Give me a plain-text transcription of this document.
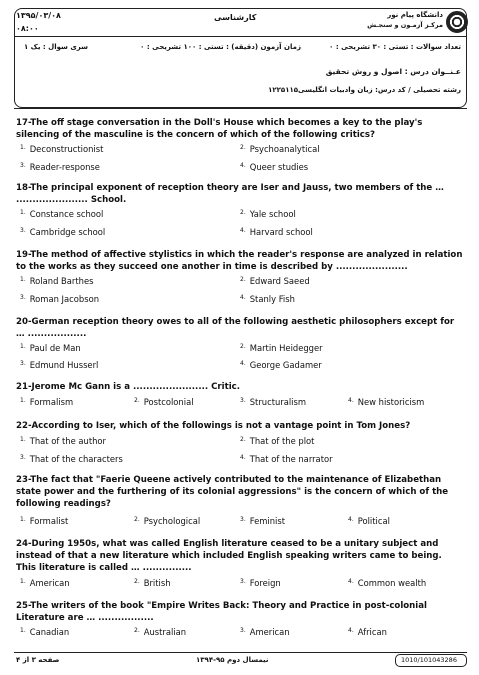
دانشگاه پیام نور
مرکـز آزمـون و سنجـش
کارشناسی
۱۳۹۵/۰۳/۰۸
۰۸:۰۰
تعداد سوالات : تستی : ۳۰ تشریحی : ۰
زمان آزمون (دقیقه) : تستی : ۱۰۰ تشریحی : ۰
سری سوال : یک ۱
عـنــوان درس : اصول و روش تحقیق
رشته تحصیلی / کد درس: زبان وادبیات انگلیسی۱۲۲۵۱۱۵
17-The off stage conversation in the Doll's House which becomes a key to the play's silencing of the masculine is the concern of which of the following critics?
$^{1.}$ Deconstructionist	$^{2.}$ Psychoanalytical
$^{3.}$ Reader-response	$^{4.}$ Queer studies
18-The principal exponent of reception theory are Iser and Jauss, two members of the … ...................... School.
$^{1.}$ Constance school	$^{2.}$ Yale school
$^{3.}$ Cambridge school	$^{4.}$ Harvard school
19-The method of affective stylistics in which the reader's response are analyzed in relation to the works as they succeed one another in time is described by ......................
$^{1.}$ Roland Barthes	$^{2.}$ Edward Saeed
$^{3.}$ Roman Jacobson	$^{4.}$ Stanly Fish
20-German reception theory owes to all of the following aesthetic philosophers except for … ..................
$^{1.}$ Paul de Man	$^{2.}$ Martin Heidegger
$^{3.}$ Edmund Husserl	$^{4.}$ George Gadamer
21-Jerome Mc Gann is a ....................... Critic.
$^{1.}$ Formalism	$^{2.}$ Postcolonial	$^{3.}$ Structuralism	$^{4.}$ New historicism
22-According to Iser, which of the followings is not a vantage point in Tom Jones?
$^{1.}$ That of the author	$^{2.}$ That of the plot
$^{3.}$ That of the characters	$^{4.}$ That of the narrator
23-The fact that "Faerie Queene actively contributed to the maintenance of Elizabethan state power and the furthering of its colonial aggressions" is the concern of which of the following readings?
$^{1.}$ Formalist	$^{2.}$ Psychological	$^{3.}$ Feminist	$^{4.}$ Political
24-During 1950s, what was called English literature ceased to be a unitary subject and instead of that a new literature which included English speaking writers came to being. This literature is called … ...............
$^{1.}$ American	$^{2.}$ British	$^{3.}$ Foreign	$^{4.}$ Common wealth
25-The writers of the book "Empire Writes Back: Theory and Practice in post-colonial Literature are … .................
$^{1.}$ Canadian	$^{2.}$ Australian	$^{3.}$ American	$^{4.}$ African
صفحه ۳ از ۴	نیمسال دوم ۹۵-۱۳۹۴	1010/101043286
